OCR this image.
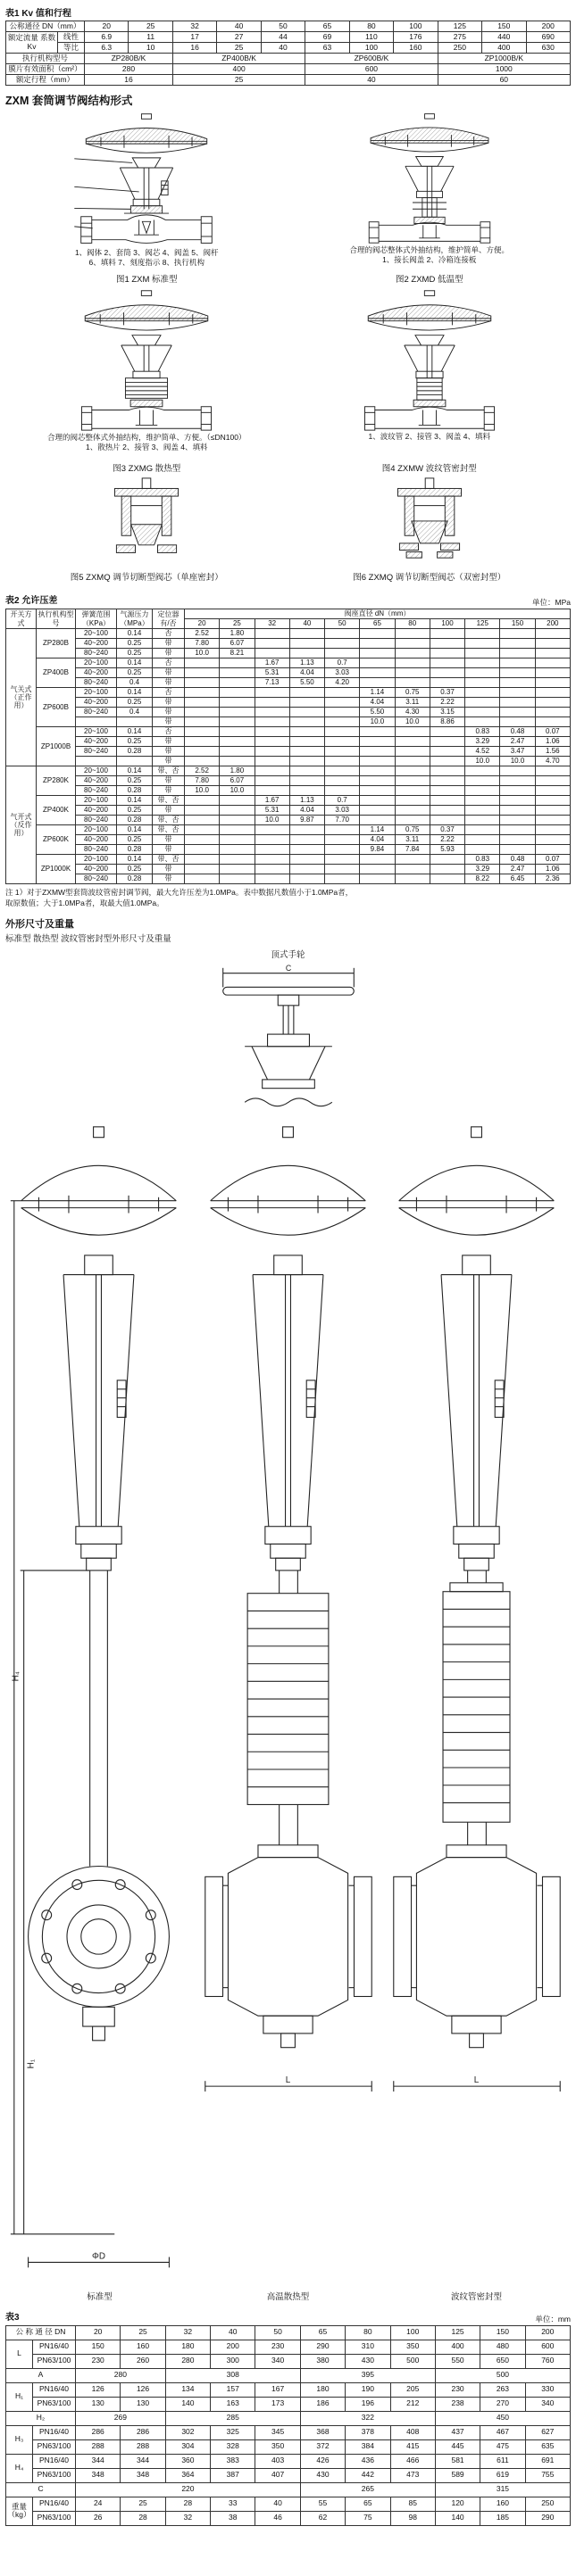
表1 Kv 值和行程
公称通径 DN（mm）		20	25	32	40	50	65	80	100	125	150	200
额定流量 系数 Kv	线性	6.9	11	17	27	44	69	110	176	275	440	690
	等比	6.3	10	16	25	40	63	100	160	250	400	630
执行机构型号		ZP280B/K		ZP400B/K			ZP600B/K			ZP1000B/K		
膜片有效面积（cm²）		280		400			600			1000		
额定行程（mm）		16		25			40			60		
ZXM 套筒调节阀结构形式
1、阀体 2、套筒 3、阀芯 4、阀盖 5、阀杆
6、填料 7、刻度指示 8、执行机构
图1 ZXM 标准型
合理的阀芯整体式外抽结构，维护简单、方便。
1、接长阀盖 2、冷箱连接板
图2 ZXMD 低温型
合理的阀芯整体式外抽结构，维护简单、方便。（≤DN100）
1、散热片 2、接管 3、阀盖 4、填料
图3 ZXMG 散热型
1、波纹管 2、接管 3、阀盖 4、填料
图4 ZXMW 波纹管密封型
图5 ZXMQ 调节切断型阀芯（单座密封）	图6 ZXMQ 调节切断型阀芯（双密封型）
表2 允许压差	单位：MPa
开关方式	执行机构型号	弹簧范围（KPa）	气源压力（MPa）	定位器 有/否	阀座直径 dN（mm）										
					20	25	32	40	50	65	80	100	125	150	200
气关式（正作用）	ZP280B	20~100	0.14	否	2.52	1.80									
		40~200	0.25	带	7.80	6.07									
		80~240	0.25	带	10.0	8.21									
	ZP400B	20~100	0.14	否			1.67	1.13	0.7						
		40~200	0.25	带			5.31	4.04	3.03						
		80~240	0.4	带			7.13	5.50	4.20						
	ZP600B	20~100	0.14	否						1.14	0.75	0.37			
		40~200	0.25	带						4.04	3.11	2.22			
		80~240	0.4	带						5.50	4.30	3.15			
				带						10.0	10.0	8.86			
	ZP1000B	20~100	0.14	否									0.83	0.48	0.07
		40~200	0.25	带									3.29	2.47	1.06
		80~240	0.28	带									4.52	3.47	1.56
				带									10.0	10.0	4.70
气开式（反作用）	ZP280K	20~100	0.14	带、否	2.52	1.80									
		40~200	0.25	带	7.80	6.07									
		80~240	0.28	带	10.0	10.0									
	ZP400K	20~100	0.14	带、否			1.67	1.13	0.7						
		40~200	0.25	带			5.31	4.04	3.03						
		80~240	0.28	带、否			10.0	9.87	7.70						
	ZP600K	20~100	0.14	带、否						1.14	0.75	0.37			
		40~200	0.25	带						4.04	3.11	2.22			
		80~240	0.28	带						9.84	7.84	5.93			
	ZP1000K	20~100	0.14	带、否									0.83	0.48	0.07
		40~200	0.25	带									3.29	2.47	1.06
		80~240	0.28	带									8.22	6.45	2.36
注 1）对于ZXMW型套筒波纹管密封调节阀，最大允许压差为1.0MPa。表中数据凡数值小于1.0MPa者，
取原数值；大于1.0MPa者，取最大值1.0MPa。
外形尺寸及重量
标准型 散热型 波纹管密封型外形尺寸及重量
顶式手轮
C
H₄
H₁
ΦD
标准型
L
高温散热型
L
波纹管密封型
表3	单位：mm
公 称 通 径 DN		20	25	32	40	50	65	80	100	125	150	200
L	PN16/40	150	160	180	200	230	290	310	350	400	480	600
	PN63/100	230	260	280	300	340	380	430	500	550	650	760
A		280		308			395			500		
H₁	PN16/40	126	126	134	157	167	180	190	205	230	263	330
	PN63/100	130	130	140	163	173	186	196	212	238	270	340
H₂		269		285			322			450		
H₃	PN16/40	286	286	302	325	345	368	378	408	437	467	627
	PN63/100	288	288	304	328	350	372	384	415	445	475	635
H₄	PN16/40	344	344	360	383	403	426	436	466	581	611	691
	PN63/100	348	348	364	387	407	430	442	473	589	619	755
C		220					265			315		
重量（kg）	PN16/40	24	25	28	33	40	55	65	85	120	160	250
	PN63/100	26	28	32	38	46	62	75	98	140	185	290
